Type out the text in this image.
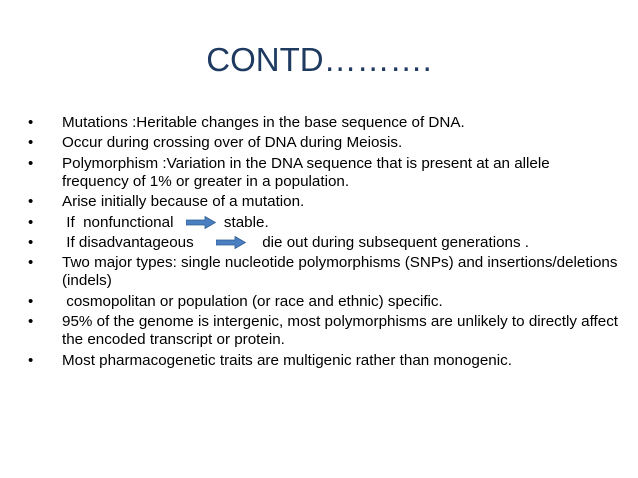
CONTD……….
• Mutations :Heritable changes in the base sequence of DNA.
• Occur during crossing over of DNA during Meiosis.
• Polymorphism :Variation in the DNA sequence that is present at an allele frequency of 1% or greater in a population.
• Arise initially because of a mutation.
• If  nonfunctional	stable.
• If disadvantageous	die out during subsequent generations .
• Two major types: single nucleotide polymorphisms (SNPs) and insertions/deletions (indels)
• cosmopolitan or population (or race and ethnic) specific.
• 95% of the genome is intergenic, most polymorphisms are unlikely to directly affect the encoded transcript or protein.
• Most pharmacogenetic traits are multigenic rather than monogenic.
